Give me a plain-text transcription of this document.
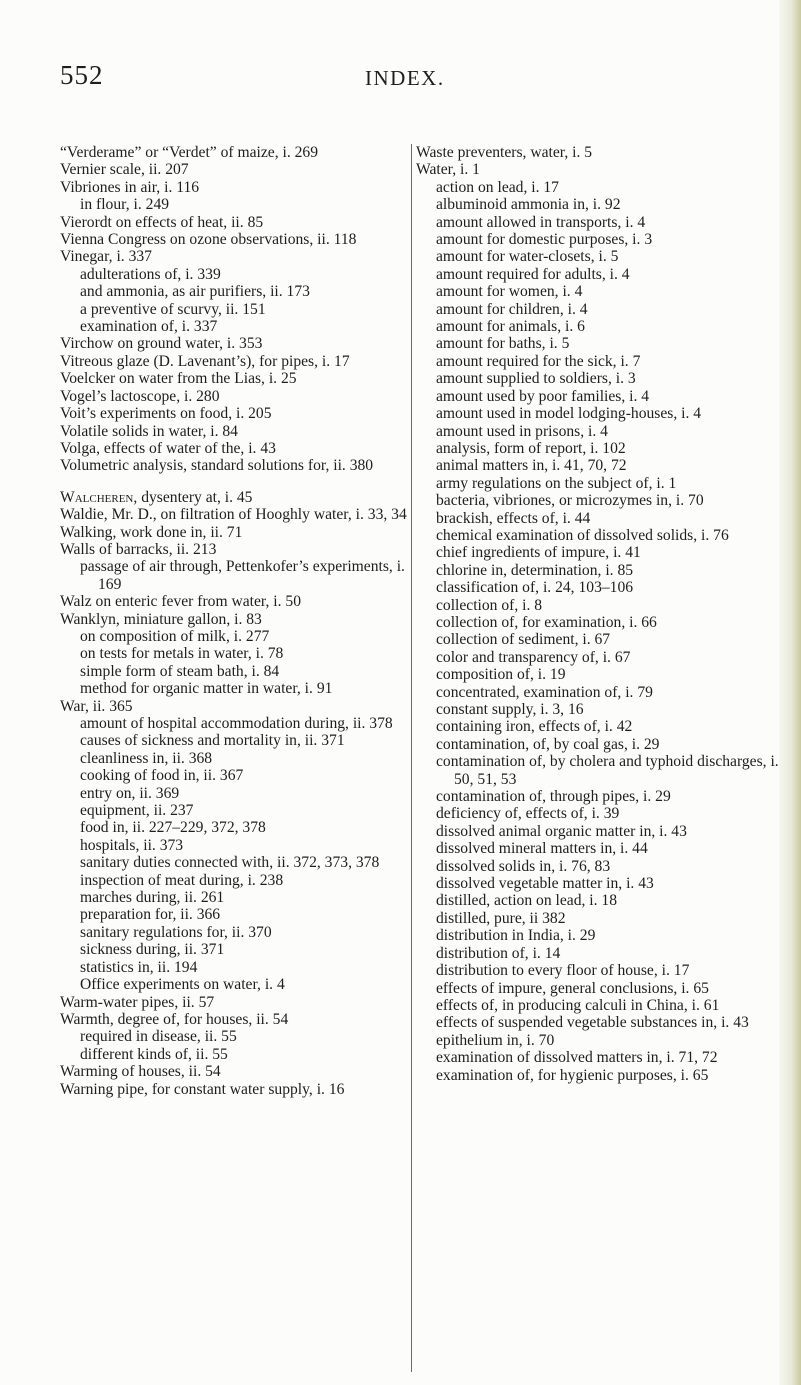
552	INDEX.
“Verderame” or “Verdet” of maize, i. 269
Vernier scale, ii. 207
Vibriones in air, i. 116
in flour, i. 249
Vierordt on effects of heat, ii. 85
Vienna Congress on ozone observations, ii. 118
Vinegar, i. 337
adulterations of, i. 339
and ammonia, as air purifiers, ii. 173
a preventive of scurvy, ii. 151
examination of, i. 337
Virchow on ground water, i. 353
Vitreous glaze (D. Lavenant’s), for pipes, i. 17
Voelcker on water from the Lias, i. 25
Vogel’s lactoscope, i. 280
Voit’s experiments on food, i. 205
Volatile solids in water, i. 84
Volga, effects of water of the, i. 43
Volumetric analysis, standard solutions for, ii. 380
Walcheren, dysentery at, i. 45
Waldie, Mr. D., on filtration of Hooghly water, i. 33, 34
Walking, work done in, ii. 71
Walls of barracks, ii. 213
passage of air through, Pettenkofer’s experiments, i. 169
Walz on enteric fever from water, i. 50
Wanklyn, miniature gallon, i. 83
on composition of milk, i. 277
on tests for metals in water, i. 78
simple form of steam bath, i. 84
method for organic matter in water, i. 91
War, ii. 365
amount of hospital accommodation during, ii. 378
causes of sickness and mortality in, ii. 371
cleanliness in, ii. 368
cooking of food in, ii. 367
entry on, ii. 369
equipment, ii. 237
food in, ii. 227–229, 372, 378
hospitals, ii. 373
sanitary duties connected with, ii. 372, 373, 378
inspection of meat during, i. 238
marches during, ii. 261
preparation for, ii. 366
sanitary regulations for, ii. 370
sickness during, ii. 371
statistics in, ii. 194
Office experiments on water, i. 4
Warm-water pipes, ii. 57
Warmth, degree of, for houses, ii. 54
required in disease, ii. 55
different kinds of, ii. 55
Warming of houses, ii. 54
Warning pipe, for constant water supply, i. 16
Waste preventers, water, i. 5
Water, i. 1
action on lead, i. 17
albuminoid ammonia in, i. 92
amount allowed in transports, i. 4
amount for domestic purposes, i. 3
amount for water-closets, i. 5
amount required for adults, i. 4
amount for women, i. 4
amount for children, i. 4
amount for animals, i. 6
amount for baths, i. 5
amount required for the sick, i. 7
amount supplied to soldiers, i. 3
amount used by poor families, i. 4
amount used in model lodging-houses, i. 4
amount used in prisons, i. 4
analysis, form of report, i. 102
animal matters in, i. 41, 70, 72
army regulations on the subject of, i. 1
bacteria, vibriones, or microzymes in, i. 70
brackish, effects of, i. 44
chemical examination of dissolved solids, i. 76
chief ingredients of impure, i. 41
chlorine in, determination, i. 85
classification of, i. 24, 103–106
collection of, i. 8
collection of, for examination, i. 66
collection of sediment, i. 67
color and transparency of, i. 67
composition of, i. 19
concentrated, examination of, i. 79
constant supply, i. 3, 16
containing iron, effects of, i. 42
contamination, of, by coal gas, i. 29
contamination of, by cholera and typhoid discharges, i. 50, 51, 53
contamination of, through pipes, i. 29
deficiency of, effects of, i. 39
dissolved animal organic matter in, i. 43
dissolved mineral matters in, i. 44
dissolved solids in, i. 76, 83
dissolved vegetable matter in, i. 43
distilled, action on lead, i. 18
distilled, pure, ii 382
distribution in India, i. 29
distribution of, i. 14
distribution to every floor of house, i. 17
effects of impure, general conclusions, i. 65
effects of, in producing calculi in China, i. 61
effects of suspended vegetable substances in, i. 43
epithelium in, i. 70
examination of dissolved matters in, i. 71, 72
examination of, for hygienic purposes, i. 65
